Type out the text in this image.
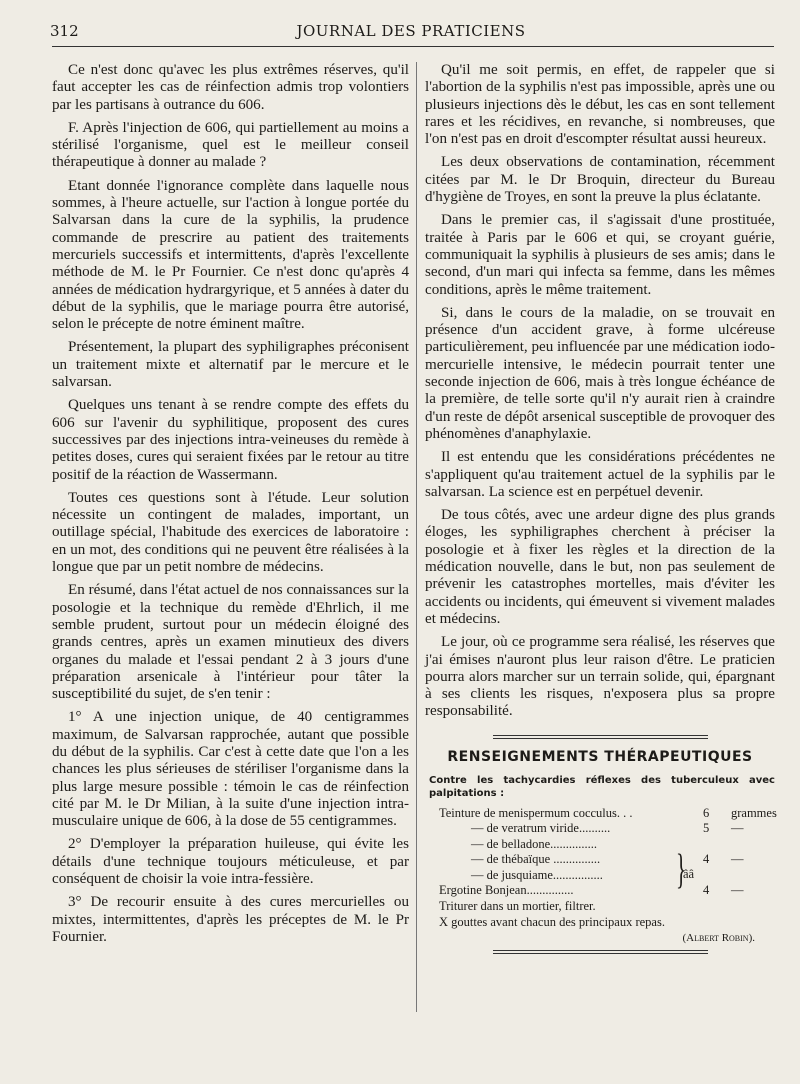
312	JOURNAL DES PRATICIENS

Ce n'est donc qu'avec les plus extrêmes réserves, qu'il faut accepter les cas de réinfection admis trop volontiers par les partisans à outrance du 606.

F. Après l'injection de 606, qui partiellement au moins a stérilisé l'organisme, quel est le meilleur conseil thérapeutique à donner au malade ?

Etant donnée l'ignorance complète dans laquelle nous sommes, à l'heure actuelle, sur l'action à longue portée du Salvarsan dans la cure de la syphilis, la prudence commande de prescrire au patient des traitements mercuriels successifs et intermittents, d'après l'excellente méthode de M. le Pr Fournier. Ce n'est donc qu'après 4 années de médication hydrargyrique, et 5 années à dater du début de la syphilis, que le mariage pourra être autorisé, selon le précepte de notre éminent maître.

Présentement, la plupart des syphiligraphes préconisent un traitement mixte et alternatif par le mercure et le salvarsan.

Quelques uns tenant à se rendre compte des effets du 606 sur l'avenir du syphilitique, proposent des cures successives par des injections intra-veineuses du remède à petites doses, cures qui seraient fixées par le retour au titre positif de la réaction de Wassermann.

Toutes ces questions sont à l'étude. Leur solution nécessite un contingent de malades, important, un outillage spécial, l'habitude des exercices de laboratoire : en un mot, des conditions qui ne peuvent être réalisées à la longue que par un petit nombre de médecins.

En résumé, dans l'état actuel de nos connaissances sur la posologie et la technique du remède d'Ehrlich, il me semble prudent, surtout pour un médecin éloigné des grands centres, après un examen minutieux des divers organes du malade et l'essai pendant 2 à 3 jours d'une préparation arsenicale à l'intérieur pour tâter la susceptibilité du sujet, de s'en tenir :

1° A une injection unique, de 40 centigrammes maximum, de Salvarsan rapprochée, autant que possible du début de la syphilis. Car c'est à cette date que l'on a les chances les plus sérieuses de stériliser l'organisme dans la plus large mesure possible : témoin le cas de réinfection cité par M. le Dr Milian, à la suite d'une injection intra-musculaire unique de 606, à la dose de 55 centigrammes.

2° D'employer la préparation huileuse, qui évite les détails d'une technique toujours méticuleuse, et par conséquent de choisir la voie intra-fessière.

3° De recourir ensuite à des cures mercurielles ou mixtes, intermittentes, d'après les préceptes de M. le Pr Fournier.

Qu'il me soit permis, en effet, de rappeler que si l'abortion de la syphilis n'est pas impossible, après une ou plusieurs injections dès le début, les cas en sont tellement rares et les récidives, en revanche, si nombreuses, que l'on n'est pas en droit d'escompter résultat aussi heureux.

Les deux observations de contamination, récemment citées par M. le Dr Broquin, directeur du Bureau d'hygiène de Troyes, en sont la preuve la plus éclatante.

Dans le premier cas, il s'agissait d'une prostituée, traitée à Paris par le 606 et qui, se croyant guérie, communiquait la syphilis à plusieurs de ses amis; dans le second, d'un mari qui infecta sa femme, dans les mêmes conditions, après le même traitement.

Si, dans le cours de la maladie, on se trouvait en présence d'un accident grave, à forme ulcéreuse particulièrement, peu influencée par une médication iodo-mercurielle intensive, le médecin pourrait tenter une seconde injection de 606, mais à très longue échéance de la première, de telle sorte qu'il n'y aurait rien à craindre d'un reste de dépôt arsenical susceptible de provoquer des phénomènes d'anaphylaxie.

Il est entendu que les considérations précédentes ne s'appliquent qu'au traitement actuel de la syphilis par le salvarsan. La science est en perpétuel devenir.

De tous côtés, avec une ardeur digne des plus grands éloges, les syphiligraphes cherchent à préciser la posologie et à fixer les règles et la direction de la médication nouvelle, dans le but, non pas seulement de prévenir les catastrophes mortelles, mais d'éviter les accidents ou incidents, qui émeuvent si vivement malades et médecins.

Le jour, où ce programme sera réalisé, les réserves que j'ai émises n'auront plus leur raison d'être. Le praticien pourra alors marcher sur un terrain solide, qui, épargnant à ses clients les risques, n'exposera plus sa propre responsabilité.

RENSEIGNEMENTS THÉRAPEUTIQUES
Contre les tachycardies réflexes des tuberculeux avec palpitations :
Teinture de menispermum cocculus. . .	6 grammes
— de veratrum viride..........	5 —
— de belladone...............
— de thébaïque ...............	4 —
— de jusquiame................
Ergotine Bonjean...............	4 —
}
ââ
Triturer dans un mortier, filtrer.
X gouttes avant chacun des principaux repas.
(Albert Robin).
